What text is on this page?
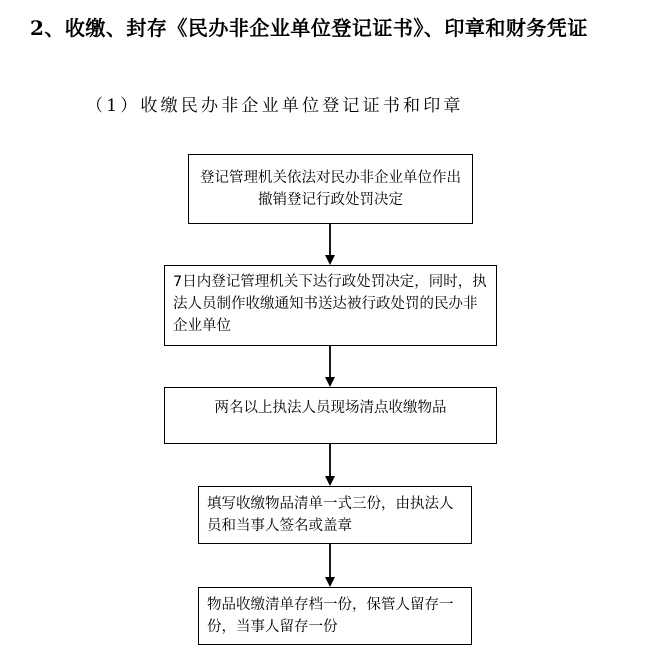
2、收缴、封存《民办非企业单位登记证书》、印章和财务凭证
（1）收缴民办非企业单位登记证书和印章
登记管理机关依法对民办非企业单位作出撤销登记行政处罚决定
7日内登记管理机关下达行政处罚决定，同时，执法人员制作收缴通知书送达被行政处罚的民办非企业单位
两名以上执法人员现场清点收缴物品
填写收缴物品清单一式三份，由执法人员和当事人签名或盖章
物品收缴清单存档一份，保管人留存一份，当事人留存一份
